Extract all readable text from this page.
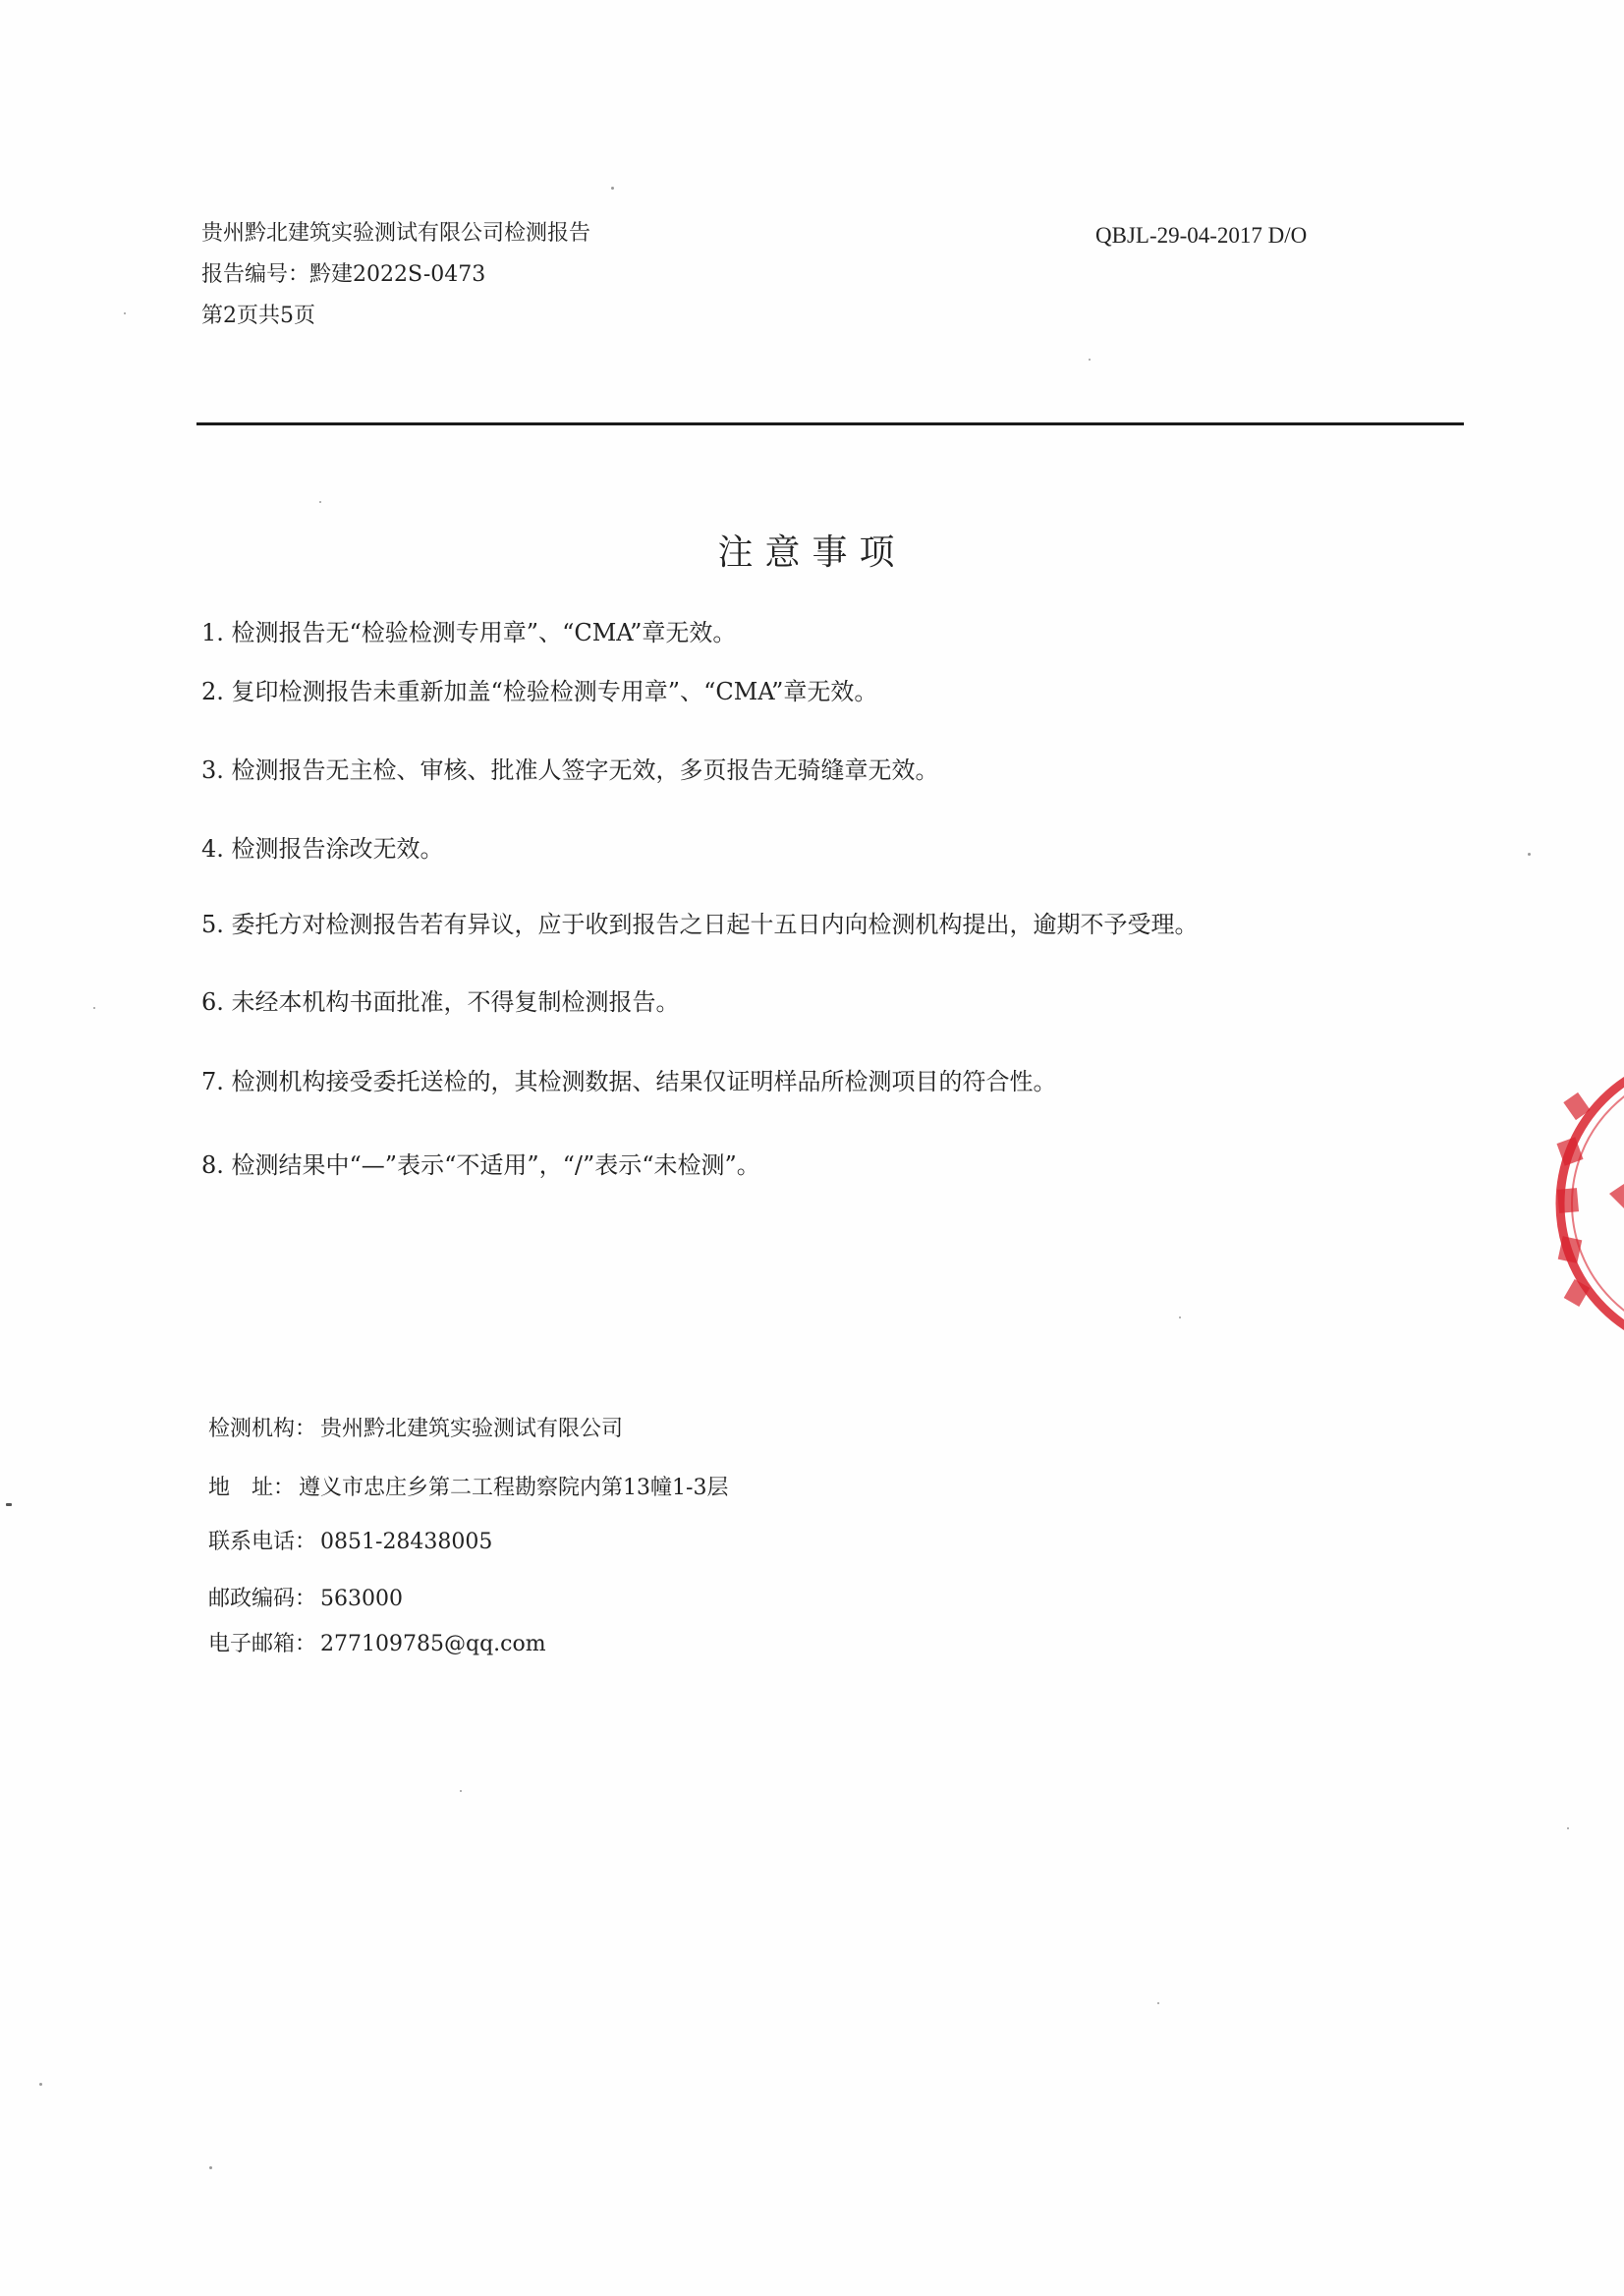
贵州黔北建筑实验测试有限公司检测报告
报告编号：黔建2022S-0473
第2页共5页
QBJL-29-04-2017 D/O
注意事项
1. 检测报告无“检验检测专用章”、“CMA”章无效。
2. 复印检测报告未重新加盖“检验检测专用章”、“CMA”章无效。
3. 检测报告无主检、审核、批准人签字无效，多页报告无骑缝章无效。
4. 检测报告涂改无效。
5. 委托方对检测报告若有异议，应于收到报告之日起十五日内向检测机构提出，逾期不予受理。
6. 未经本机构书面批准，不得复制检测报告。
7. 检测机构接受委托送检的，其检测数据、结果仅证明样品所检测项目的符合性。
8. 检测结果中“—”表示“不适用”，“/”表示“未检测”。
检测机构： 贵州黔北建筑实验测试有限公司
地　址： 遵义市忠庄乡第二工程勘察院内第13幢1-3层
联系电话： 0851-28438005
邮政编码： 563000
电子邮箱： 277109785@qq.com
